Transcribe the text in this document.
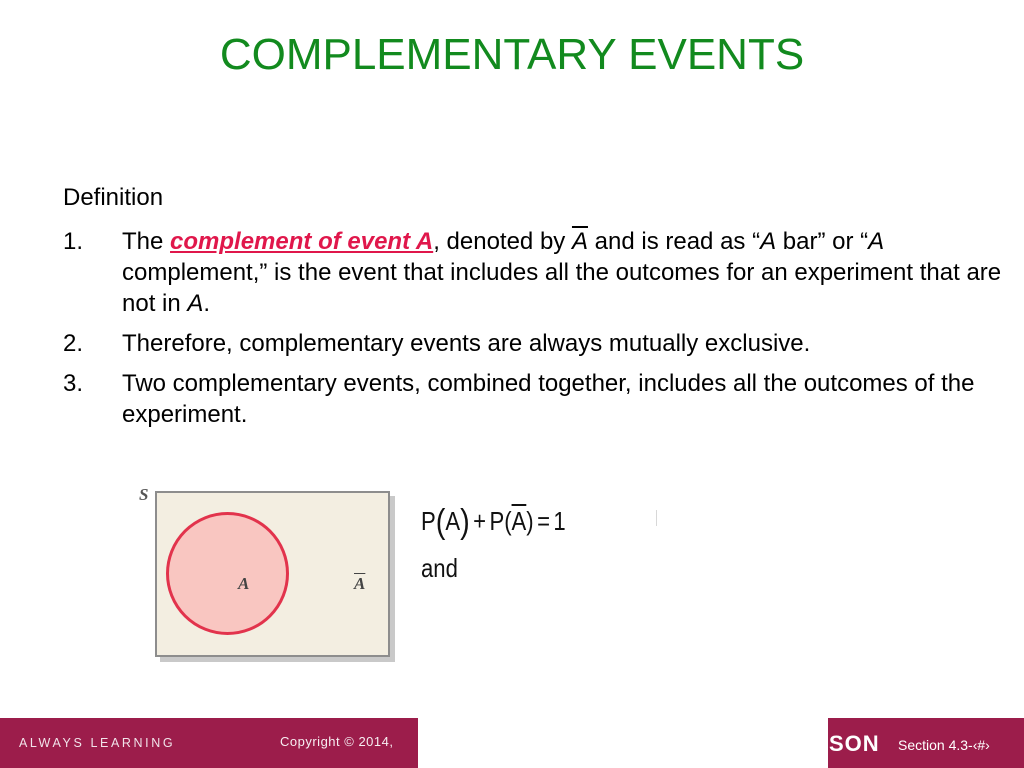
COMPLEMENTARY EVENTS
Definition
1.	The complement of event A, denoted by $\overline{A}$ and is read as “A bar” or “A complement,” is the event that includes all the outcomes for an experiment that are not in A.
2.	Therefore, complementary events are always mutually exclusive.
3.	Two complementary events, combined together, includes all the outcomes of the experiment.
S
A	$\overline{A}$
$P(A) + P(\overline{A}) = 1$
and
ALWAYS LEARNING	Copyright © 2014,	SON Section 4.3-‹#›
